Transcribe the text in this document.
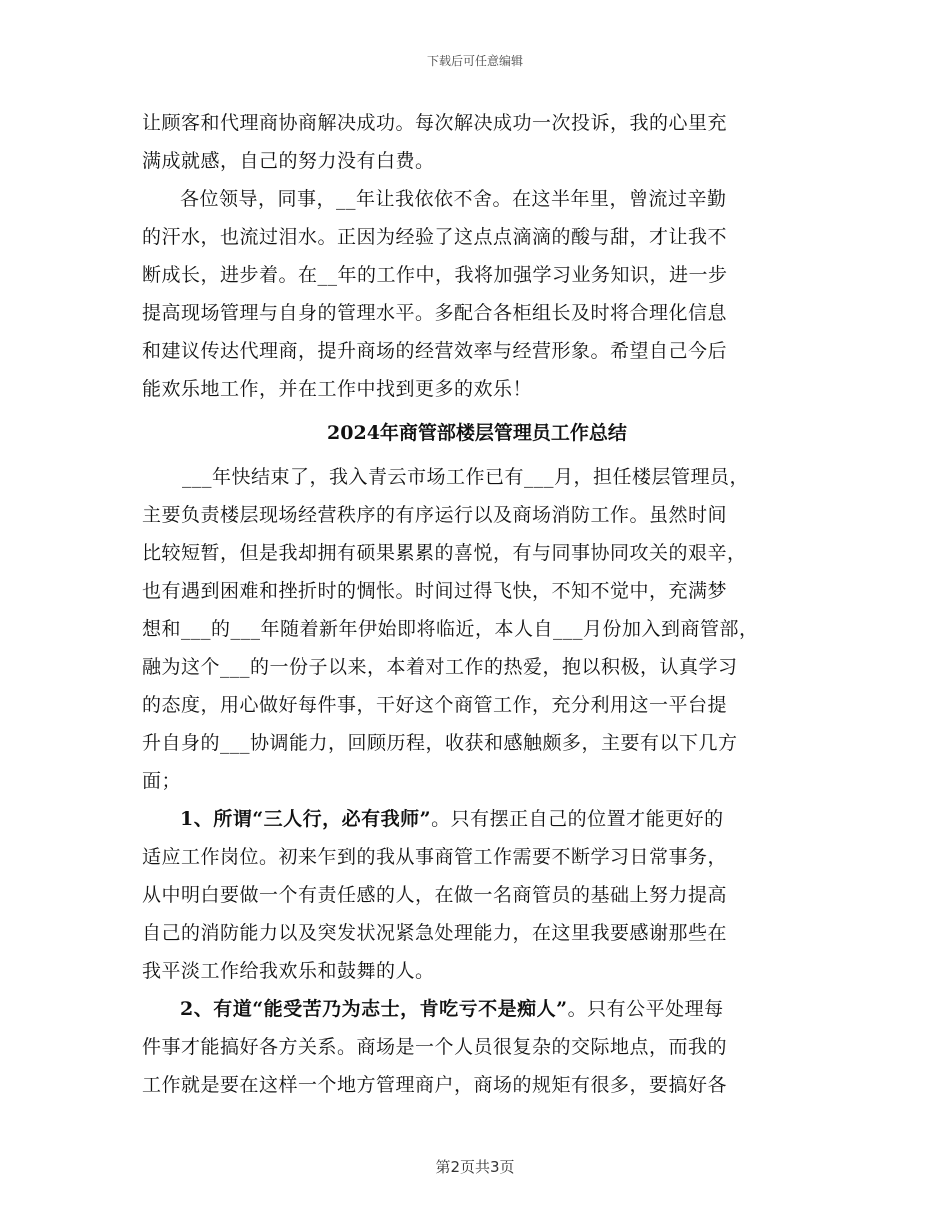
下载后可任意编辑
让顾客和代理商协商解决成功。每次解决成功一次投诉，我的心里充
满成就感，自己的努力没有白费。
各位领导，同事，__年让我依依不舍。在这半年里，曾流过辛勤
的汗水，也流过泪水。正因为经验了这点点滴滴的酸与甜，才让我不
断成长，进步着。在__年的工作中，我将加强学习业务知识，进一步
提高现场管理与自身的管理水平。多配合各柜组长及时将合理化信息
和建议传达代理商，提升商场的经营效率与经营形象。希望自己今后
能欢乐地工作，并在工作中找到更多的欢乐！
2024年商管部楼层管理员工作总结
___年快结束了，我入青云市场工作已有___月，担任楼层管理员，
主要负责楼层现场经营秩序的有序运行以及商场消防工作。虽然时间
比较短暂，但是我却拥有硕果累累的喜悦，有与同事协同攻关的艰辛，
也有遇到困难和挫折时的惆怅。时间过得飞快，不知不觉中，充满梦
想和___的___年随着新年伊始即将临近，本人自___月份加入到商管部，
融为这个___的一份子以来，本着对工作的热爱，抱以积极，认真学习
的态度，用心做好每件事，干好这个商管工作，充分利用这一平台提
升自身的___协调能力，回顾历程，收获和感触颇多，主要有以下几方
面；
1、所谓“三人行，必有我师”。只有摆正自己的位置才能更好的
适应工作岗位。初来乍到的我从事商管工作需要不断学习日常事务，
从中明白要做一个有责任感的人，在做一名商管员的基础上努力提高
自己的消防能力以及突发状况紧急处理能力，在这里我要感谢那些在
我平淡工作给我欢乐和鼓舞的人。
2、有道“能受苦乃为志士，肯吃亏不是痴人”。只有公平处理每
件事才能搞好各方关系。商场是一个人员很复杂的交际地点，而我的
工作就是要在这样一个地方管理商户，商场的规矩有很多，要搞好各
第2页共3页
